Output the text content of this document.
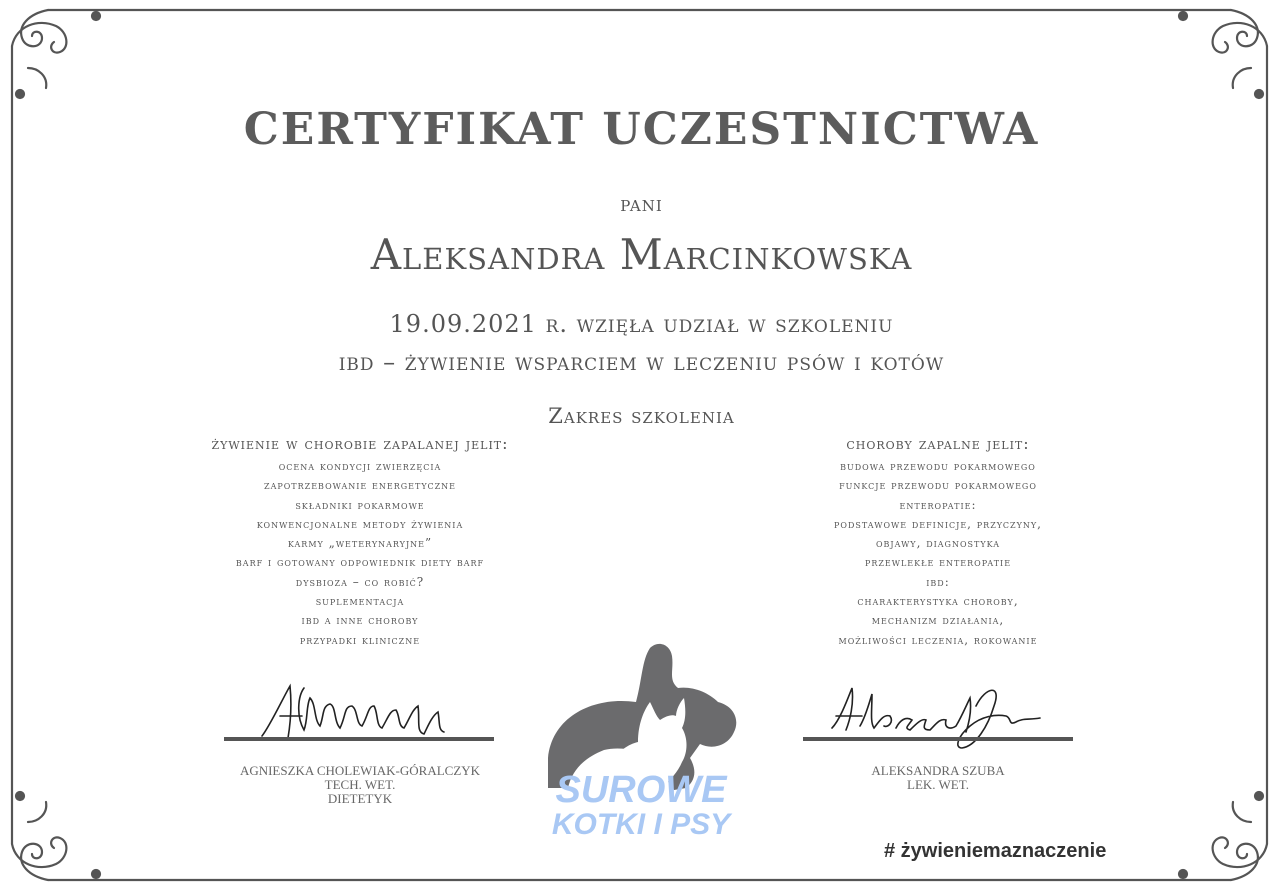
CERTYFIKAT UCZESTNICTWA
pani
Aleksandra Marcinkowska
19.09.2021 r. wzięła udział w szkoleniu
ibd – żywienie wsparciem w leczeniu psów i kotów
Zakres szkolenia
żywienie w chorobie zapalanej jelit:
ocena kondycji zwierzęcia
zapotrzebowanie energetyczne
składniki pokarmowe
konwencjonalne metody żywienia
karmy „weterynaryjne”
barf i gotowany odpowiednik diety barf
dysbioza – co robić?
suplementacja
ibd a inne choroby
przypadki kliniczne
choroby zapalne jelit:
budowa przewodu pokarmowego
funkcje przewodu pokarmowego
enteropatie:
podstawowe definicje, przyczyny,
objawy, diagnostyka
przewlekłe enteropatie
ibd:
charakterystyka choroby,
mechanizm działania,
możliwości leczenia, rokowanie
AGNIESZKA CHOLEWIAK-GÓRALCZYK
TECH. WET.
DIETETYK
ALEKSANDRA SZUBA
LEK. WET.
SUROWE
KOTKI I PSY
# żywieniemaznaczenie
